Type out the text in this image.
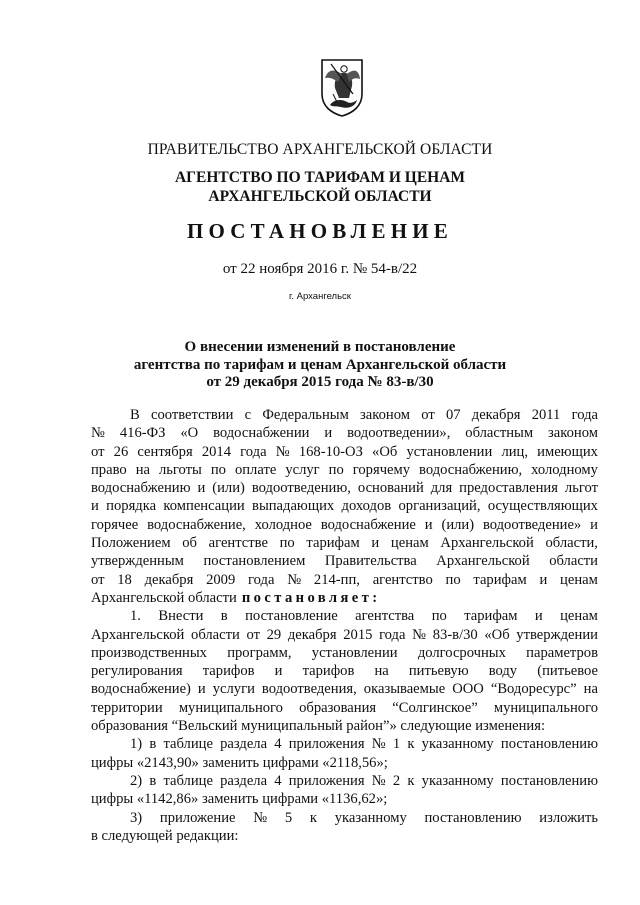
ПРАВИТЕЛЬСТВО АРХАНГЕЛЬСКОЙ ОБЛАСТИ
АГЕНТСТВО ПО ТАРИФАМ И ЦЕНАМ
АРХАНГЕЛЬСКОЙ ОБЛАСТИ
ПОСТАНОВЛЕНИЕ
от 22 ноября 2016 г. № 54-в/22
г. Архангельск
О внесении изменений в постановление
агентства по тарифам и ценам Архангельской области
от 29 декабря 2015 года № 83-в/30
В соответствии с Федеральным законом от 07 декабря 2011 года
№ 416-ФЗ «О водоснабжении и водоотведении», областным законом
от 26 сентября 2014 года № 168-10-ОЗ «Об установлении лиц, имеющих
право на льготы по оплате услуг по горячему водоснабжению, холодному
водоснабжению и (или) водоотведению, оснований для предоставления льгот
и порядка компенсации выпадающих доходов организаций, осуществляющих
горячее водоснабжение, холодное водоснабжение и (или) водоотведение» и
Положением об агентстве по тарифам и ценам Архангельской области,
утвержденным постановлением Правительства Архангельской области
от 18 декабря 2009 года № 214-пп, агентство по тарифам и ценам
Архангельской области постановляет:
1. Внести в постановление агентства по тарифам и ценам
Архангельской области от 29 декабря 2015 года № 83-в/30 «Об утверждении
производственных программ, установлении долгосрочных параметров
регулирования тарифов и тарифов на питьевую воду (питьевое
водоснабжение) и услуги водоотведения, оказываемые ООО “Водоресурс” на
территории муниципального образования “Солгинское” муниципального
образования “Вельский муниципальный район”» следующие изменения:
1) в таблице раздела 4 приложения № 1 к указанному постановлению
цифры «2143,90» заменить цифрами «2118,56»;
2) в таблице раздела 4 приложения № 2 к указанному постановлению
цифры «1142,86» заменить цифрами «1136,62»;
3) приложение № 5 к указанному постановлению изложить
в следующей редакции:
